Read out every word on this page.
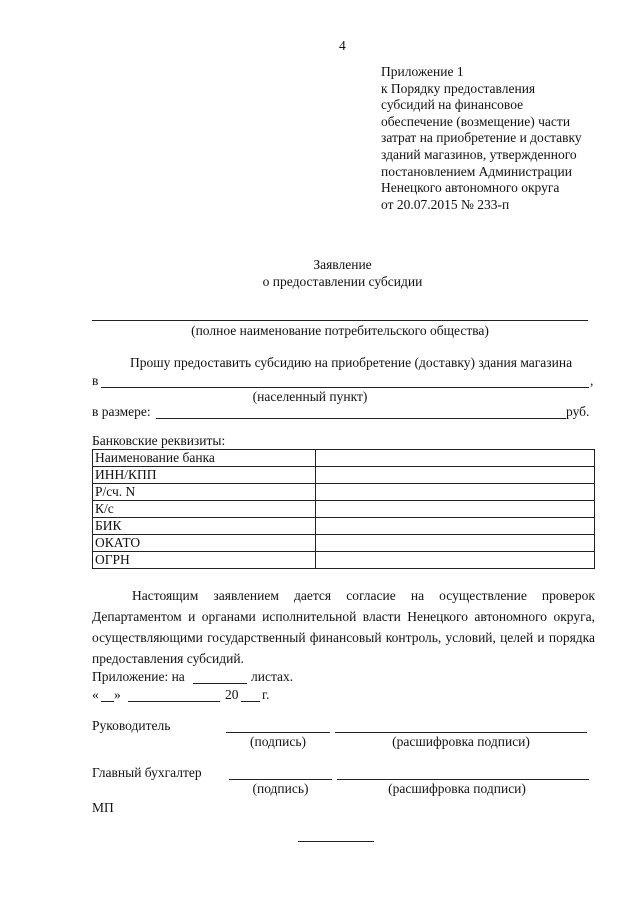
4
Приложение 1
к Порядку предоставления
субсидий на финансовое
обеспечение (возмещение) части
затрат на приобретение и доставку
зданий магазинов, утвержденного
постановлением Администрации
Ненецкого автономного округа
от 20.07.2015 № 233-п
Заявление
о предоставлении субсидии
(полное наименование потребительского общества)
Прошу предоставить субсидию на приобретение (доставку) здания магазина
в	,
(населенный пункт)
в размере:	руб.
Банковские реквизиты:
Наименование банка	
ИНН/КПП	
Р/сч. N	
К/с	
БИК	
ОКАТО	
ОГРН	
Настоящим заявлением дается согласие на осуществление проверок Департаментом и органами исполнительной власти Ненецкого автономного округа, осуществляющими государственный финансовый контроль, условий, целей и порядка предоставления субсидий.
Приложение: на	листах.
« »	20 г.
Руководитель
(подпись)	(расшифровка подписи)
Главный бухгалтер
(подпись)	(расшифровка подписи)
МП
